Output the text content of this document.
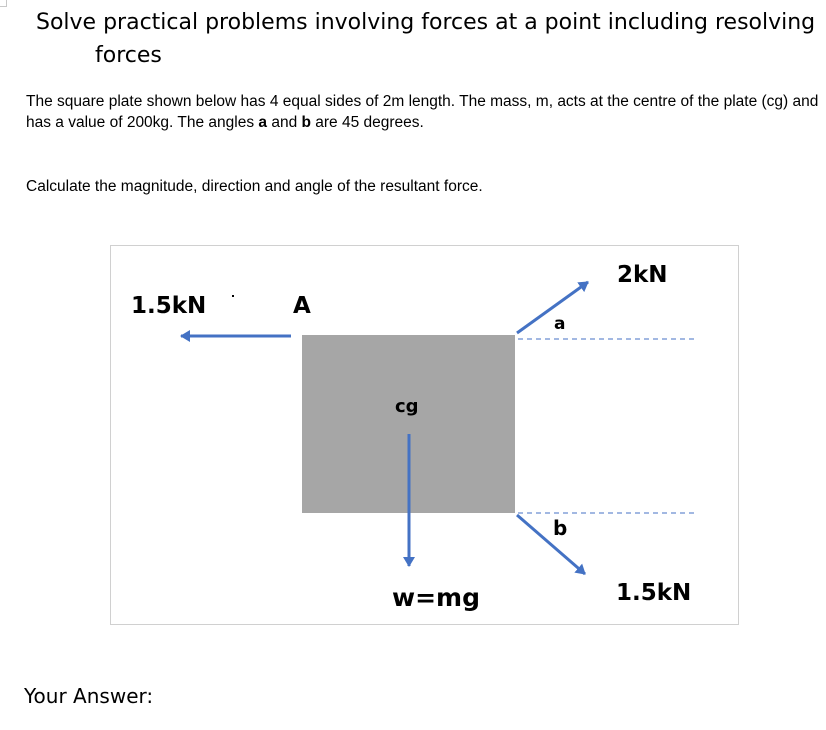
Solve practical problems involving forces at a point including resolving
forces

The square plate shown below has 4 equal sides of 2m length. The mass, m, acts at the centre of the plate (cg) and has a value of 200kg. The angles a and b are 45 degrees.

Calculate the magnitude, direction and angle of the resultant force.

1.5kN	A
cg
w=mg
a
b
2kN
1.5kN
Your Answer:
